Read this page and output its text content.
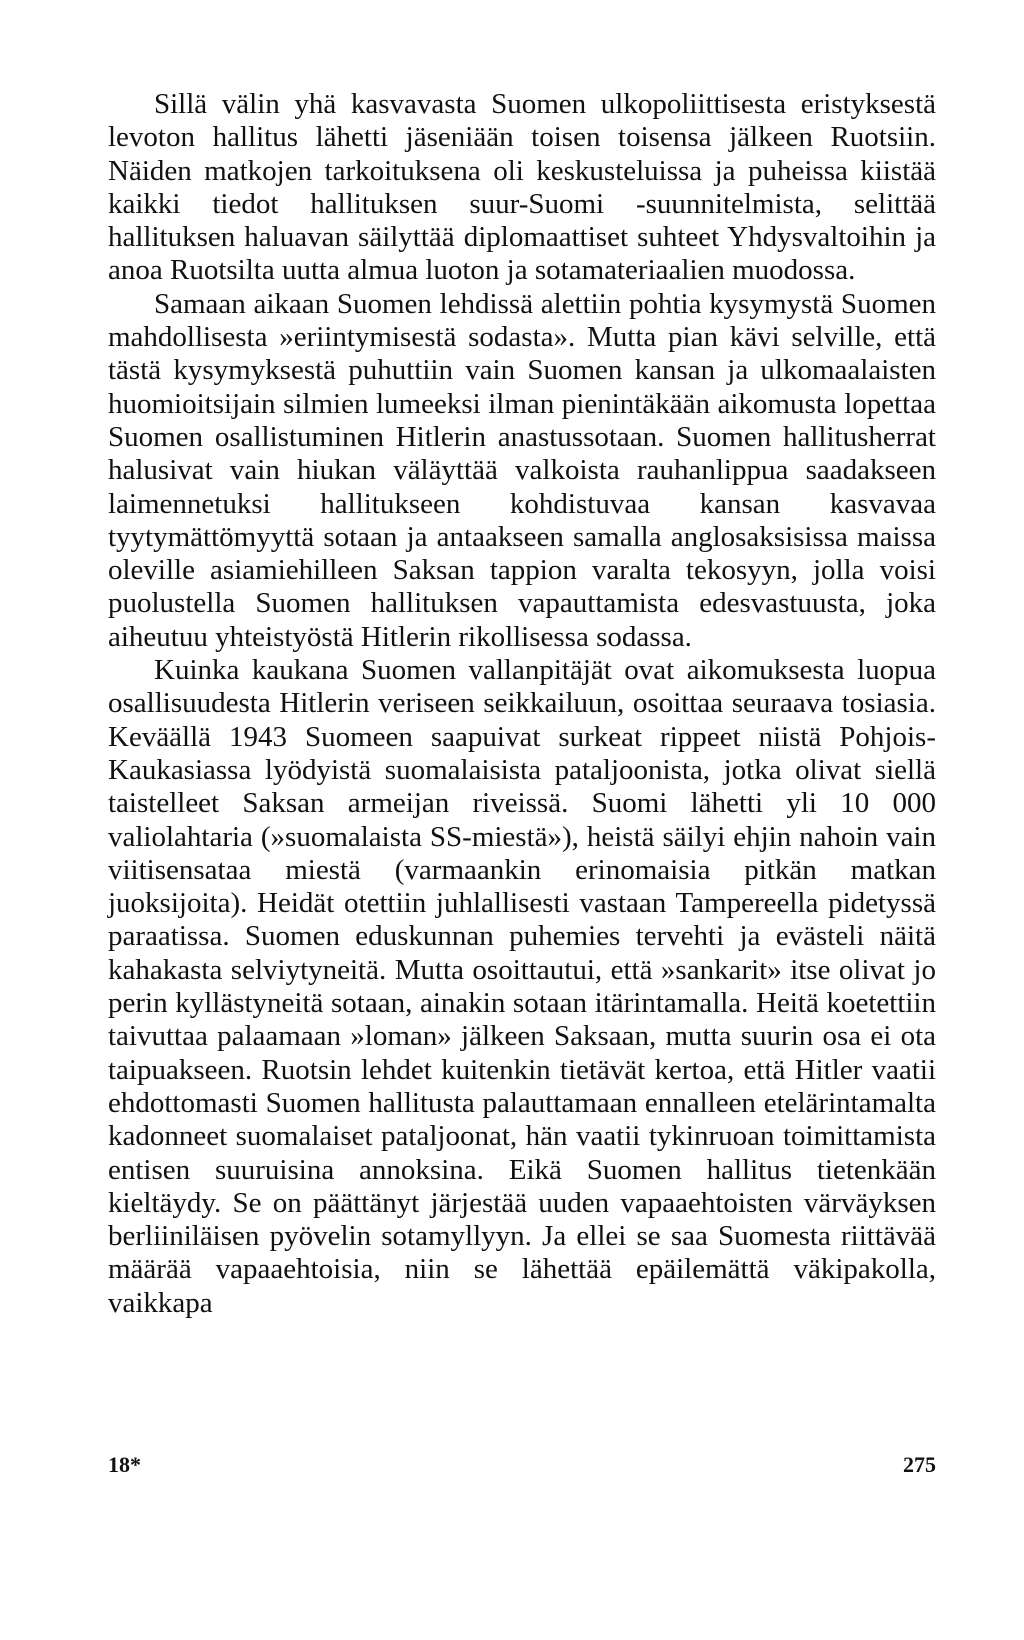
Sillä välin yhä kasvavasta Suomen ulkopoliittisesta eristyksestä levoton hallitus lähetti jäseniään toisen toisensa jälkeen Ruotsiin. Näiden matkojen tarkoituksena oli keskusteluissa ja puheissa kiistää kaikki tiedot hallituksen suur-Suomi -suunnitelmista, selittää hallituksen haluavan säilyttää diplomaattiset suhteet Yhdysvaltoihin ja anoa Ruotsilta uutta almua luoton ja sotamateriaalien muodossa.

Samaan aikaan Suomen lehdissä alettiin pohtia kysymystä Suomen mahdollisesta »eriintymisestä sodasta». Mutta pian kävi selville, että tästä kysymyksestä puhuttiin vain Suomen kansan ja ulkomaalaisten huomioitsijain silmien lumeeksi ilman pienintäkään aikomusta lopettaa Suomen osallistuminen Hitlerin anastussotaan. Suomen hallitusherrat halusivat vain hiukan väläyttää valkoista rauhanlippua saadakseen laimennetuksi hallitukseen kohdistuvaa kansan kasvavaa tyytymättömyyttä sotaan ja antaakseen samalla anglosaksisissa maissa oleville asiamiehilleen Saksan tappion varalta tekosyyn, jolla voisi puolustella Suomen hallituksen vapauttamista edesvastuusta, joka aiheutuu yhteistyöstä Hitlerin rikollisessa sodassa.

Kuinka kaukana Suomen vallanpitäjät ovat aikomuksesta luopua osallisuudesta Hitlerin veriseen seikkailuun, osoittaa seuraava tosiasia. Keväällä 1943 Suomeen saapuivat surkeat rippeet niistä Pohjois-Kaukasiassa lyödyistä suomalaisista pataljoonista, jotka olivat siellä taistelleet Saksan armeijan riveissä. Suomi lähetti yli 10 000 valiolahtaria (»suomalaista SS-miestä»), heistä säilyi ehjin nahoin vain viitisensataa miestä (varmaankin erinomaisia pitkän matkan juoksijoita). Heidät otettiin juhlallisesti vastaan Tampereella pidetyssä paraatissa. Suomen eduskunnan puhemies tervehti ja evästeli näitä kahakasta selviytyneitä. Mutta osoittautui, että »sankarit» itse olivat jo perin kyllästyneitä sotaan, ainakin sotaan itärintamalla. Heitä koetettiin taivuttaa palaamaan »loman» jälkeen Saksaan, mutta suurin osa ei ota taipuakseen. Ruotsin lehdet kuitenkin tietävät kertoa, että Hitler vaatii ehdottomasti Suomen hallitusta palauttamaan ennalleen etelärintamalta kadonneet suomalaiset pataljoonat, hän vaatii tykinruoan toimittamista entisen suuruisina annoksina. Eikä Suomen hallitus tietenkään kieltäydy. Se on päättänyt järjestää uuden vapaaehtoisten värväyksen berliiniläisen pyövelin sotamyllyyn. Ja ellei se saa Suomesta riittävää määrää vapaaehtoisia, niin se lähettää epäilemättä väkipakolla, vaikkapa

18*	275
